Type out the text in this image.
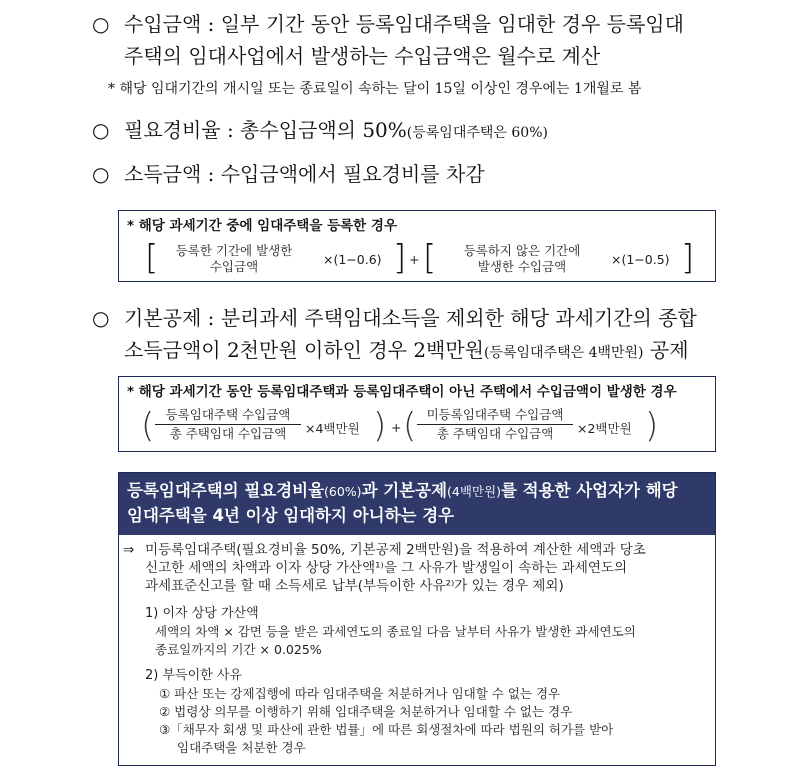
○ 수입금액 : 일부 기간 동안 등록임대주택을 임대한 경우 등록임대
주택의 임대사업에서 발생하는 수입금액은 월수로 계산
* 해당 임대기간의 개시일 또는 종료일이 속하는 달이 15일 이상인 경우에는 1개월로 봄
○ 필요경비율 : 총수입금액의 50%(등록임대주택은 60%)
○ 소득금액 : 수입금액에서 필요경비를 차감
* 해당 과세기간 중에 임대주택을 등록한 경우
[	등록한 기간에 발생한
수입금액	×(1−0.6) ] + [	등록하지 않은 기간에
발생한 수입금액	×(1−0.5) ]
○ 기본공제 : 분리과세 주택임대소득을 제외한 해당 과세기간의 종합
소득금액이 2천만원 이하인 경우 2백만원(등록임대주택은 4백만원) 공제
* 해당 과세기간 동안 등록임대주택과 등록임대주택이 아닌 주택에서 수입금액이 발생한 경우
( 등록임대주택 수입금액
총 주택임대 수입금액	×4백만원 ) + ( 미등록임대주택 수입금액
총 주택임대 수입금액	×2백만원 )
등록임대주택의 필요경비율(60%)과 기본공제(4백만원)를 적용한 사업자가 해당
임대주택을 4년 이상 임대하지 아니하는 경우
⇒ 미등록임대주택(필요경비율 50%, 기본공제 2백만원)을 적용하여 계산한 세액과 당초
신고한 세액의 차액과 이자 상당 가산액¹⁾을 그 사유가 발생일이 속하는 과세연도의
과세표준신고를 할 때 소득세로 납부(부득이한 사유²⁾가 있는 경우 제외)
1) 이자 상당 가산액
세액의 차액 × 감면 등을 받은 과세연도의 종료일 다음 날부터 사유가 발생한 과세연도의
종료일까지의 기간 × 0.025%
2) 부득이한 사유
① 파산 또는 강제집행에 따라 임대주택을 처분하거나 임대할 수 없는 경우
② 법령상 의무를 이행하기 위해 임대주택을 처분하거나 임대할 수 없는 경우
③「채무자 회생 및 파산에 관한 법률」에 따른 회생절차에 따라 법원의 허가를 받아
임대주택을 처분한 경우
